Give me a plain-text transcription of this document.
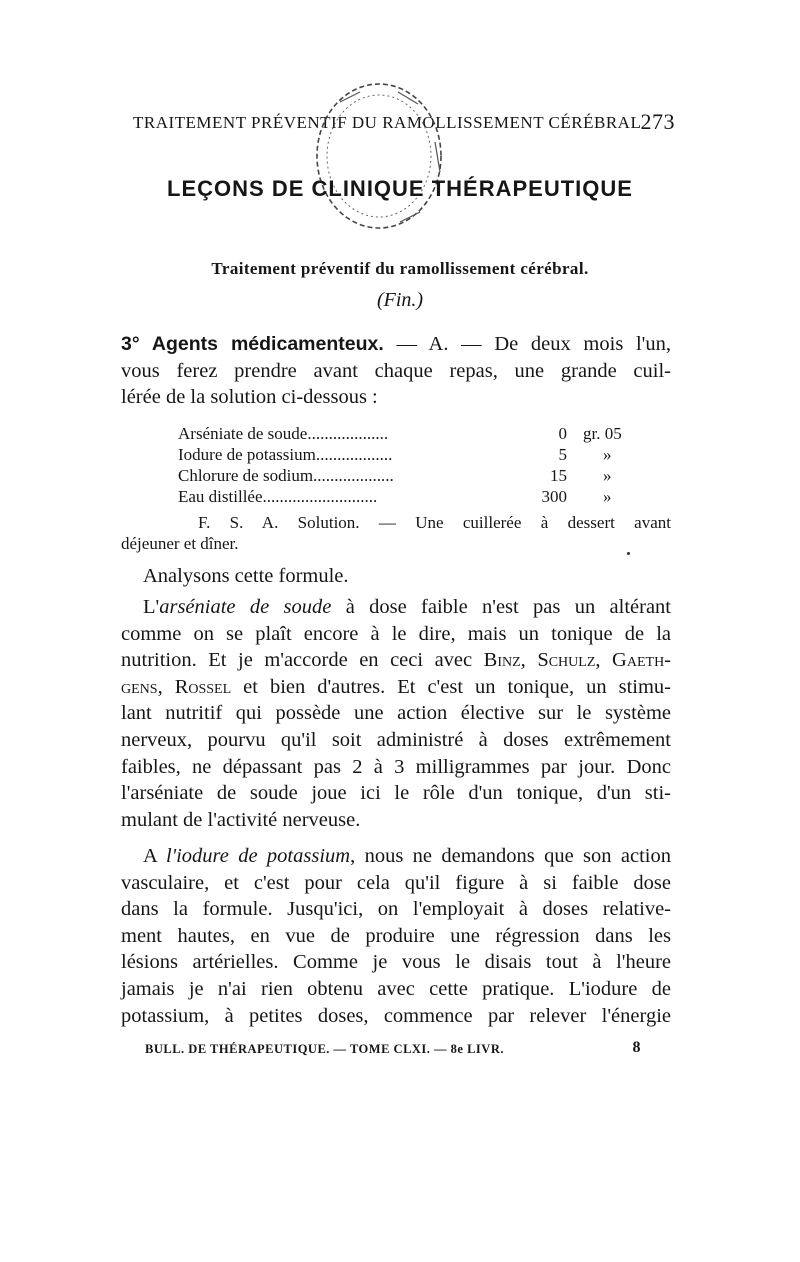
TRAITEMENT PRÉVENTIF DU RAMOLLISSEMENT CÉRÉBRAL 273
LEÇONS DE CLINIQUE THÉRAPEUTIQUE
Traitement préventif du ramollissement cérébral.
(Fin.)
3° Agents médicamenteux. — A. — De deux mois l'un,
vous ferez prendre avant chaque repas, une grande cuil-
lérée de la solution ci-dessous :
Arséniate de soude...................	0 gr. 05
Iodure de potassium..................	5 »
Chlorure de sodium...................	15 »
Eau distillée...........................	300 »
F. S. A. Solution. — Une cuillerée à dessert avant
déjeuner et dîner.
Analysons cette formule.
L'arséniate de soude à dose faible n'est pas un altérant
comme on se plaît encore à le dire, mais un tonique de la
nutrition. Et je m'accorde en ceci avec Binz, Schulz, Gaeth-
gens, Rossel et bien d'autres. Et c'est un tonique, un stimu-
lant nutritif qui possède une action élective sur le système
nerveux, pourvu qu'il soit administré à doses extrêmement
faibles, ne dépassant pas 2 à 3 milligrammes par jour. Donc
l'arséniate de soude joue ici le rôle d'un tonique, d'un sti-
mulant de l'activité nerveuse.
A l'iodure de potassium, nous ne demandons que son action
vasculaire, et c'est pour cela qu'il figure à si faible dose
dans la formule. Jusqu'ici, on l'employait à doses relative-
ment hautes, en vue de produire une régression dans les
lésions artérielles. Comme je vous le disais tout à l'heure
jamais je n'ai rien obtenu avec cette pratique. L'iodure de
potassium, à petites doses, commence par relever l'énergie
BULL. DE THÉRAPEUTIQUE. — TOME CLXI. — 8e LIVR.	8
